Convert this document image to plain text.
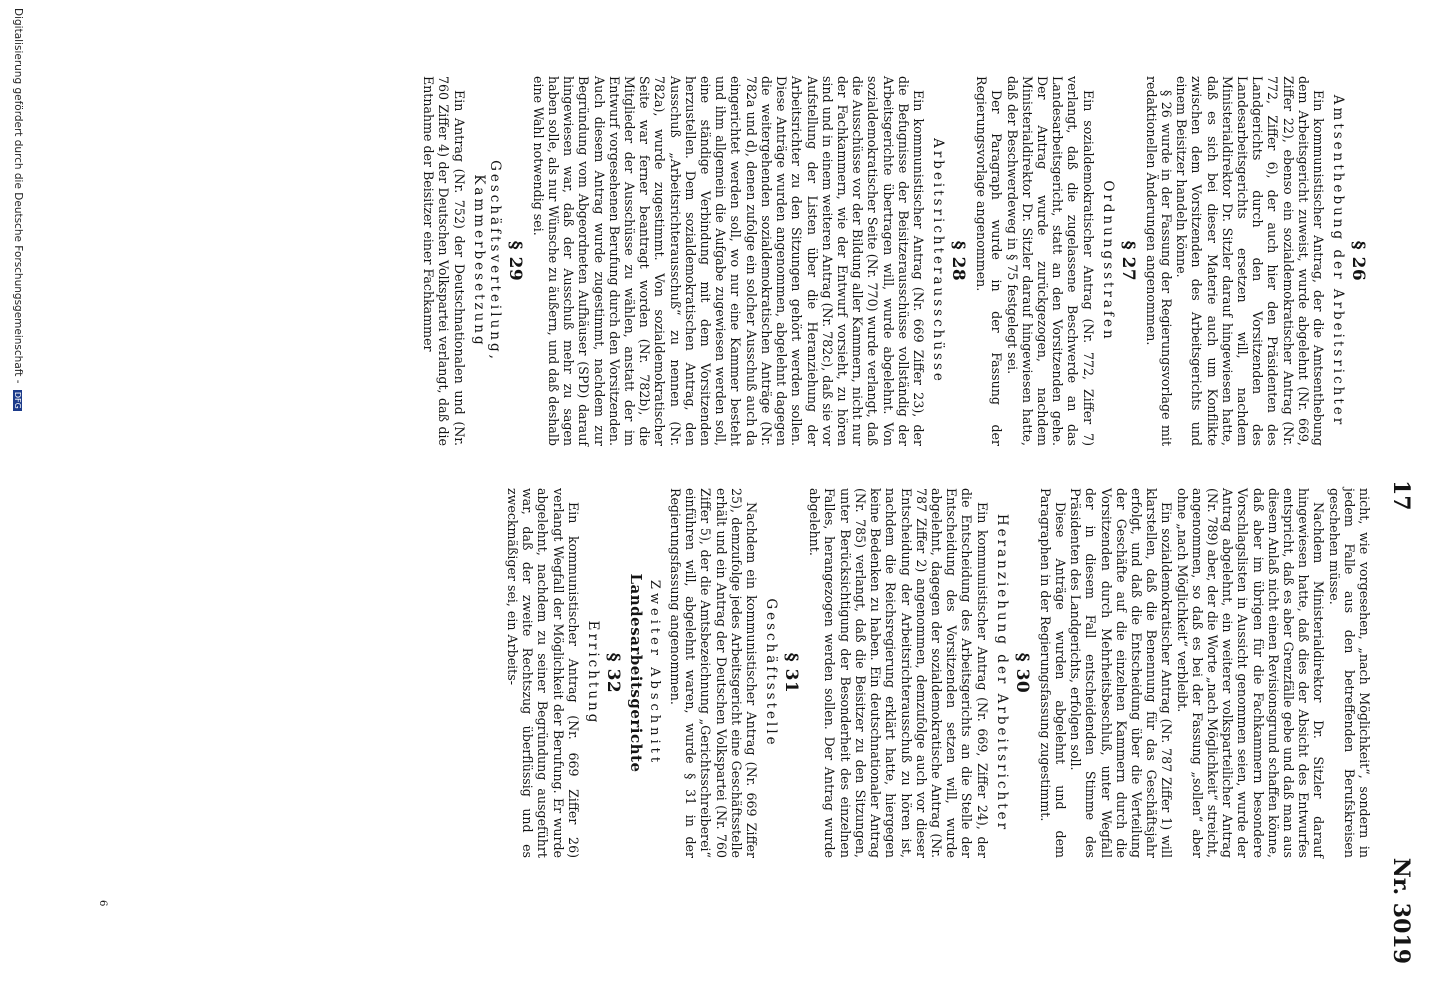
17
Nr. 3019
§ 26
Amtsenthebung der Arbeitsrichter

Ein kommunistischer Antrag, der die Amtsenthebung dem Arbeitsgericht zuweist, wurde abgelehnt (Nr. 669, Ziffer 22), ebenso ein sozialdemokratischer Antrag (Nr. 772, Ziffer 6), der auch hier den Präsidenten des Landgerichts durch den Vorsitzenden des Landesarbeitsgerichts ersetzen will, nachdem Ministerialdirektor Dr. Sitzler darauf hingewiesen hatte, daß es sich bei dieser Materie auch um Konflikte zwischen dem Vorsitzenden des Arbeitsgerichts und einem Beisitzer handeln könne.

§ 26 wurde in der Fassung der Regierungsvorlage mit redaktionellen Änderungen angenommen.

§ 27
Ordnungsstrafen

Ein sozialdemokratischer Antrag (Nr. 772, Ziffer 7) verlangt, daß die zugelassene Beschwerde an das Landesarbeitsgericht, statt an den Vorsitzenden gehe. Der Antrag wurde zurückgezogen, nachdem Ministerialdirektor Dr. Sitzler darauf hingewiesen hatte, daß der Beschwerdeweg in § 75 festgelegt sei.

Der Paragraph wurde in der Fassung der Regierungsvorlage angenommen.

§ 28
Arbeitsrichterausschüsse

Ein kommunistischer Antrag (Nr. 669 Ziffer 23), der die Befugnisse der Beisitzerausschüsse vollständig der Arbeitsgerichte übertragen will, wurde abgelehnt. Von sozialdemokratischer Seite (Nr. 770) wurde verlangt, daß die Ausschüsse vor der Bildung aller Kammern, nicht nur der Fachkammern, wie der Entwurf vorsieht, zu hören sind und in einem weiteren Antrag (Nr. 782c), daß sie vor Aufstellung der Listen über die Heranziehung der Arbeitsrichter zu den Sitzungen gehört werden sollen. Diese Anträge wurden angenommen, abgelehnt dagegen die weitergehenden sozialdemokratischen Anträge (Nr. 782a und d), denen zufolge ein solcher Ausschuß auch da eingerichtet werden soll, wo nur eine Kammer besteht und ihm allgemein die Aufgabe zugewiesen werden soll, eine ständige Verbindung mit dem Vorsitzenden herzustellen. Dem sozialdemokratischen Antrag, den Ausschuß „Arbeitsrichterausschuß“ zu nennen (Nr. 782a), wurde zugestimmt. Von sozialdemokratischer Seite war ferner beantragt worden (Nr. 782b), die Mitglieder der Ausschüsse zu wählen, anstatt der im Entwurf vorgesehenen Berufung durch den Vorsitzenden. Auch diesem Antrag wurde zugestimmt, nachdem zur Begründung vom Abgeordneten Aufhäuser (SPD) darauf hingewiesen war, daß der Ausschuß mehr zu sagen haben solle, als nur Wünsche zu äußern, und daß deshalb eine Wahl notwendig sei.

§ 29
Geschäftsverteilung, Kammerbesetzung

Ein Antrag (Nr. 752) der Deutschnationalen und (Nr. 760 Ziffer 4) der Deutschen Volkspartei verlangt, daß die Entnahme der Beisitzer einer Fachkammer

nicht, wie vorgesehen, „nach Möglichkeit“, sondern in jedem Falle aus den betreffenden Berufskreisen geschehen müsse.

Nachdem Ministerialdirektor Dr. Sitzler darauf hingewiesen hatte, daß dies der Absicht des Entwurfes entspricht, daß es aber Grenzfälle gebe und daß man aus diesem Anlaß nicht einen Revisionsgrund schaffen könne, daß aber im übrigen für die Fachkammern besondere Vorschlagslisten in Aussicht genommen seien, wurde der Antrag abgelehnt, ein weiterer volksparteilicher Antrag (Nr. 789) aber, der die Worte „nach Möglichkeit“ streicht, angenommen, so daß es bei der Fassung „sollen“ aber ohne „nach Möglichkeit“ verbleibt.

Ein sozialdemokratischer Antrag (Nr. 787 Ziffer 1) will klarstellen, daß die Benennung für das Geschäftsjahr erfolgt, und daß die Entscheidung über die Verteilung der Geschäfte auf die einzelnen Kammern durch die Vorsitzenden durch Mehrheitsbeschluß, unter Wegfall der in diesem Fall entscheidenden Stimme des Präsidenten des Landgerichts, erfolgen soll.

Diese Anträge wurden abgelehnt und dem Paragraphen in der Regierungsfassung zugestimmt.

§ 30
Heranziehung der Arbeitsrichter

Ein kommunistischer Antrag (Nr. 669, Ziffer 24), der die Entscheidung des Arbeitsgerichts an die Stelle der Entscheidung des Vorsitzenden setzen will, wurde abgelehnt, dagegen der sozialdemokratische Antrag (Nr. 787 Ziffer 2) angenommen, demzufolge auch vor dieser Entscheidung der Arbeitsrichterausschuß zu hören ist, nachdem die Reichsregierung erklärt hatte, hiergegen keine Bedenken zu haben. Ein deutschnationaler Antrag (Nr. 785) verlangt, daß die Beisitzer zu den Sitzungen, unter Berücksichtigung der Besonderheit des einzelnen Falles, herangezogen werden sollen. Der Antrag wurde abgelehnt.

§ 31
Geschäftsstelle

Nachdem ein kommunistischer Antrag (Nr. 669 Ziffer 25), demzufolge jedes Arbeitsgericht eine Geschäftsstelle erhält und ein Antrag der Deutschen Volkspartei (Nr. 760 Ziffer 5), der die Amtsbezeichnung „Gerichtsschreiberei“ einführen will, abgelehnt waren, wurde § 31 in der Regierungsfassung angenommen.

Zweiter Abschnitt
Landesarbeitsgerichte
§ 32
Errichtung

Ein kommunistischer Antrag (Nr. 669 Ziffer 26) verlangt Wegfall der Möglichkeit der Berufung. Er wurde abgelehnt, nachdem zu seiner Begründung ausgeführt war, daß der zweite Rechtszug überflüssig und es zweckmäßiger sei, ein Arbeits-

6
Digitalisierung gefördert durch die Deutsche Forschungsgemeinschaft - DFG
